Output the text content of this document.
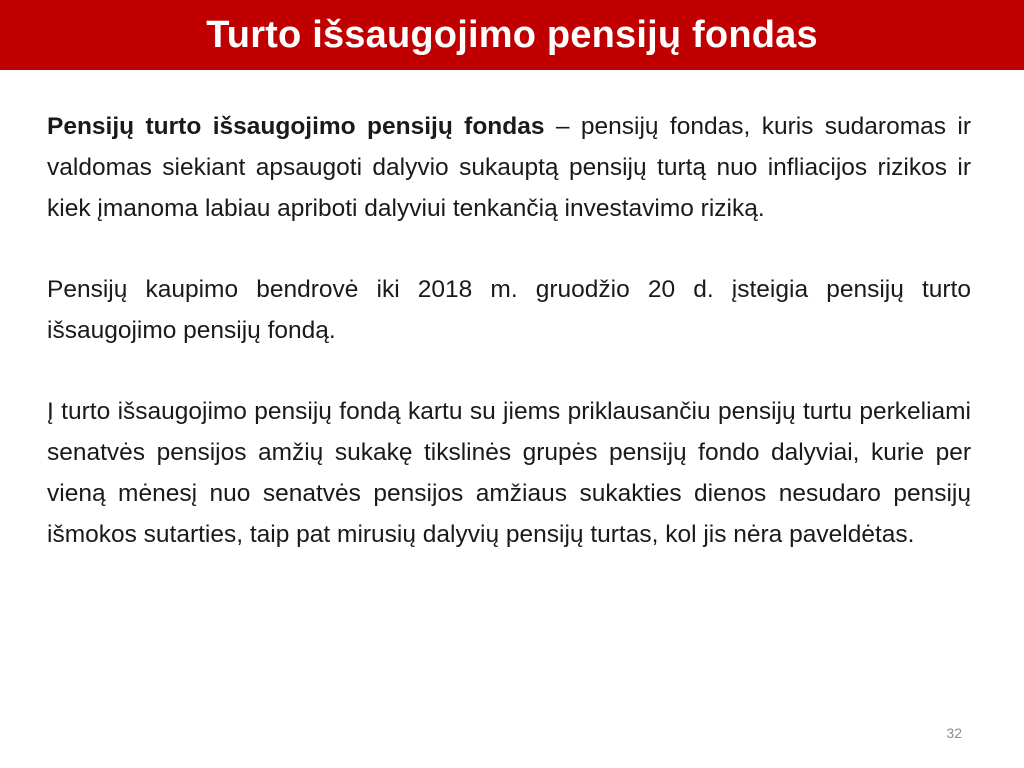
Turto išsaugojimo pensijų fondas

Pensijų turto išsaugojimo pensijų fondas – pensijų fondas, kuris sudaromas ir valdomas siekiant apsaugoti dalyvio sukauptą pensijų turtą nuo infliacijos rizikos ir kiek įmanoma labiau apriboti dalyviui tenkančią investavimo riziką.

Pensijų kaupimo bendrovė iki 2018 m. gruodžio 20 d. įsteigia pensijų turto išsaugojimo pensijų fondą.

Į turto išsaugojimo pensijų fondą kartu su jiems priklausančiu pensijų turtu perkeliami senatvės pensijos amžių sukakę tikslinės grupės pensijų fondo dalyviai, kurie per vieną mėnesį nuo senatvės pensijos amžiaus sukakties dienos nesudaro pensijų išmokos sutarties, taip pat mirusių dalyvių pensijų turtas, kol jis nėra paveldėtas.

32
